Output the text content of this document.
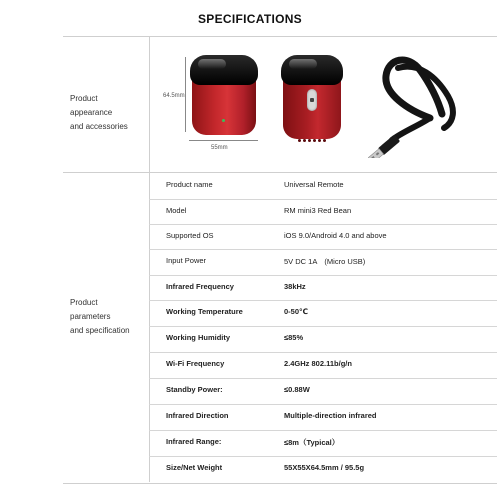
SPECIFICATIONS
Product
appearance
and accessories
Product
parameters
and specification
64.5mm
55mm
Product name	Universal Remote
Model	RM mini3 Red Bean
Supported OS	iOS 9.0/Android 4.0 and above
Input Power	5V DC 1A　(Micro USB)
Infrared Frequency	38kHz
Working Temperature	0-50℃
Working Humidity	≤85%
Wi-Fi Frequency	2.4GHz 802.11b/g/n
Standby Power:	≤0.88W
Infrared Direction	Multiple-direction infrared
Infrared Range:	≤8m（Typical）
Size/Net Weight	55X55X64.5mm / 95.5g
